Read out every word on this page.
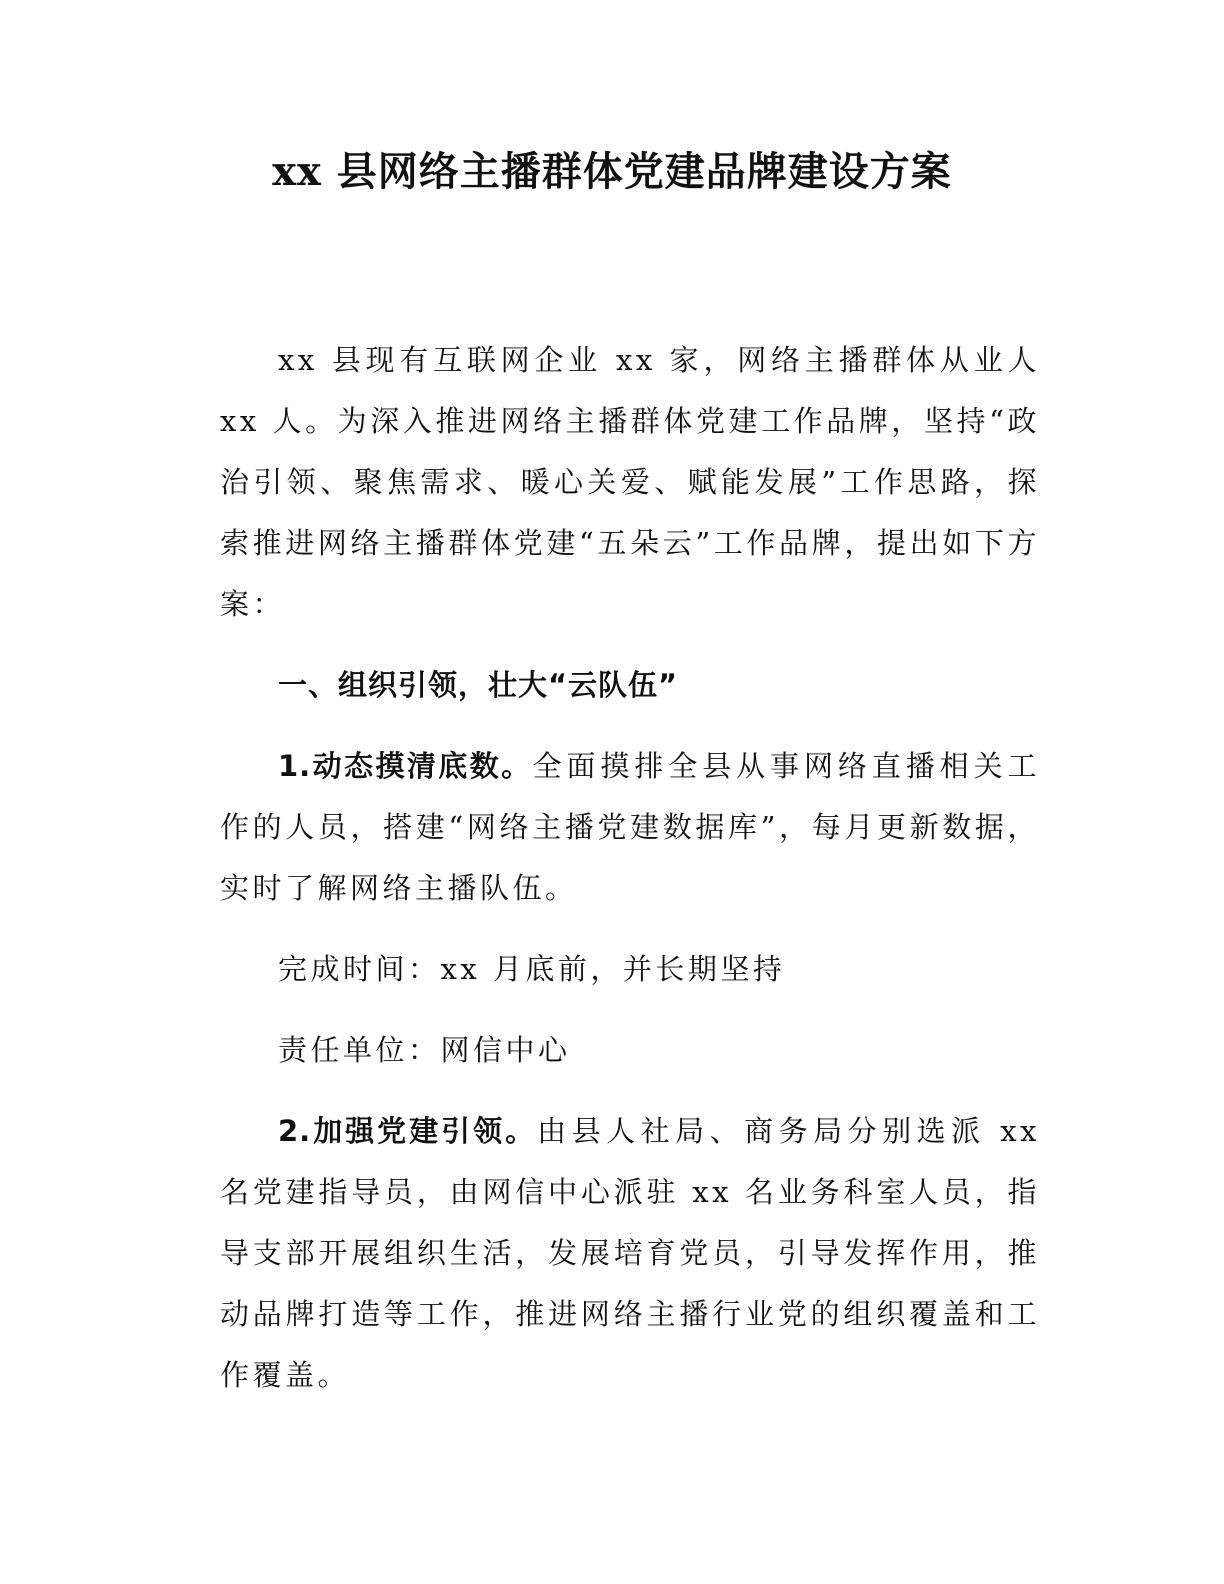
xx 县网络主播群体党建品牌建设方案

xx 县现有互联网企业 xx 家，网络主播群体从业人 xx 人。为深入推进网络主播群体党建工作品牌，坚持“政治引领、聚焦需求、暖心关爱、赋能发展”工作思路，探索推进网络主播群体党建“五朵云”工作品牌，提出如下方案：

一、组织引领，壮大“云队伍”

1.动态摸清底数。全面摸排全县从事网络直播相关工作的人员，搭建“网络主播党建数据库”，每月更新数据，实时了解网络主播队伍。

完成时间：xx 月底前，并长期坚持

责任单位：网信中心

2.加强党建引领。由县人社局、商务局分别选派 xx 名党建指导员，由网信中心派驻 xx 名业务科室人员，指导支部开展组织生活，发展培育党员，引导发挥作用，推动品牌打造等工作，推进网络主播行业党的组织覆盖和工作覆盖。
